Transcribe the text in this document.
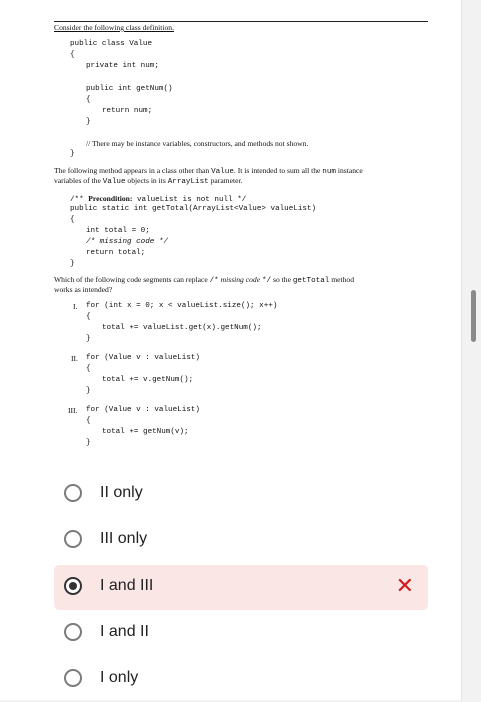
Consider the following class definition.
public class Value
{
private int num;
public int getNum()
{
return num;
}
// There may be instance variables, constructors, and methods not shown.
}
The following method appears in a class other than Value. It is intended to sum all the num instance
variables of the Value objects in its ArrayList parameter.
/** Precondition: valueList is not null */
public static int getTotal(ArrayList<Value> valueList)
{
int total = 0;
/* missing code */
return total;
}
Which of the following code segments can replace /* missing code */ so the getTotal method
works as intended?
I. for (int x = 0; x < valueList.size(); x++)
{
total += valueList.get(x).getNum();
}
II. for (Value v : valueList)
{
total += v.getNum();
}
III. for (Value v : valueList)
{
total += getNum(v);
}
II only
III only
I and III	✕
I and II
I only
